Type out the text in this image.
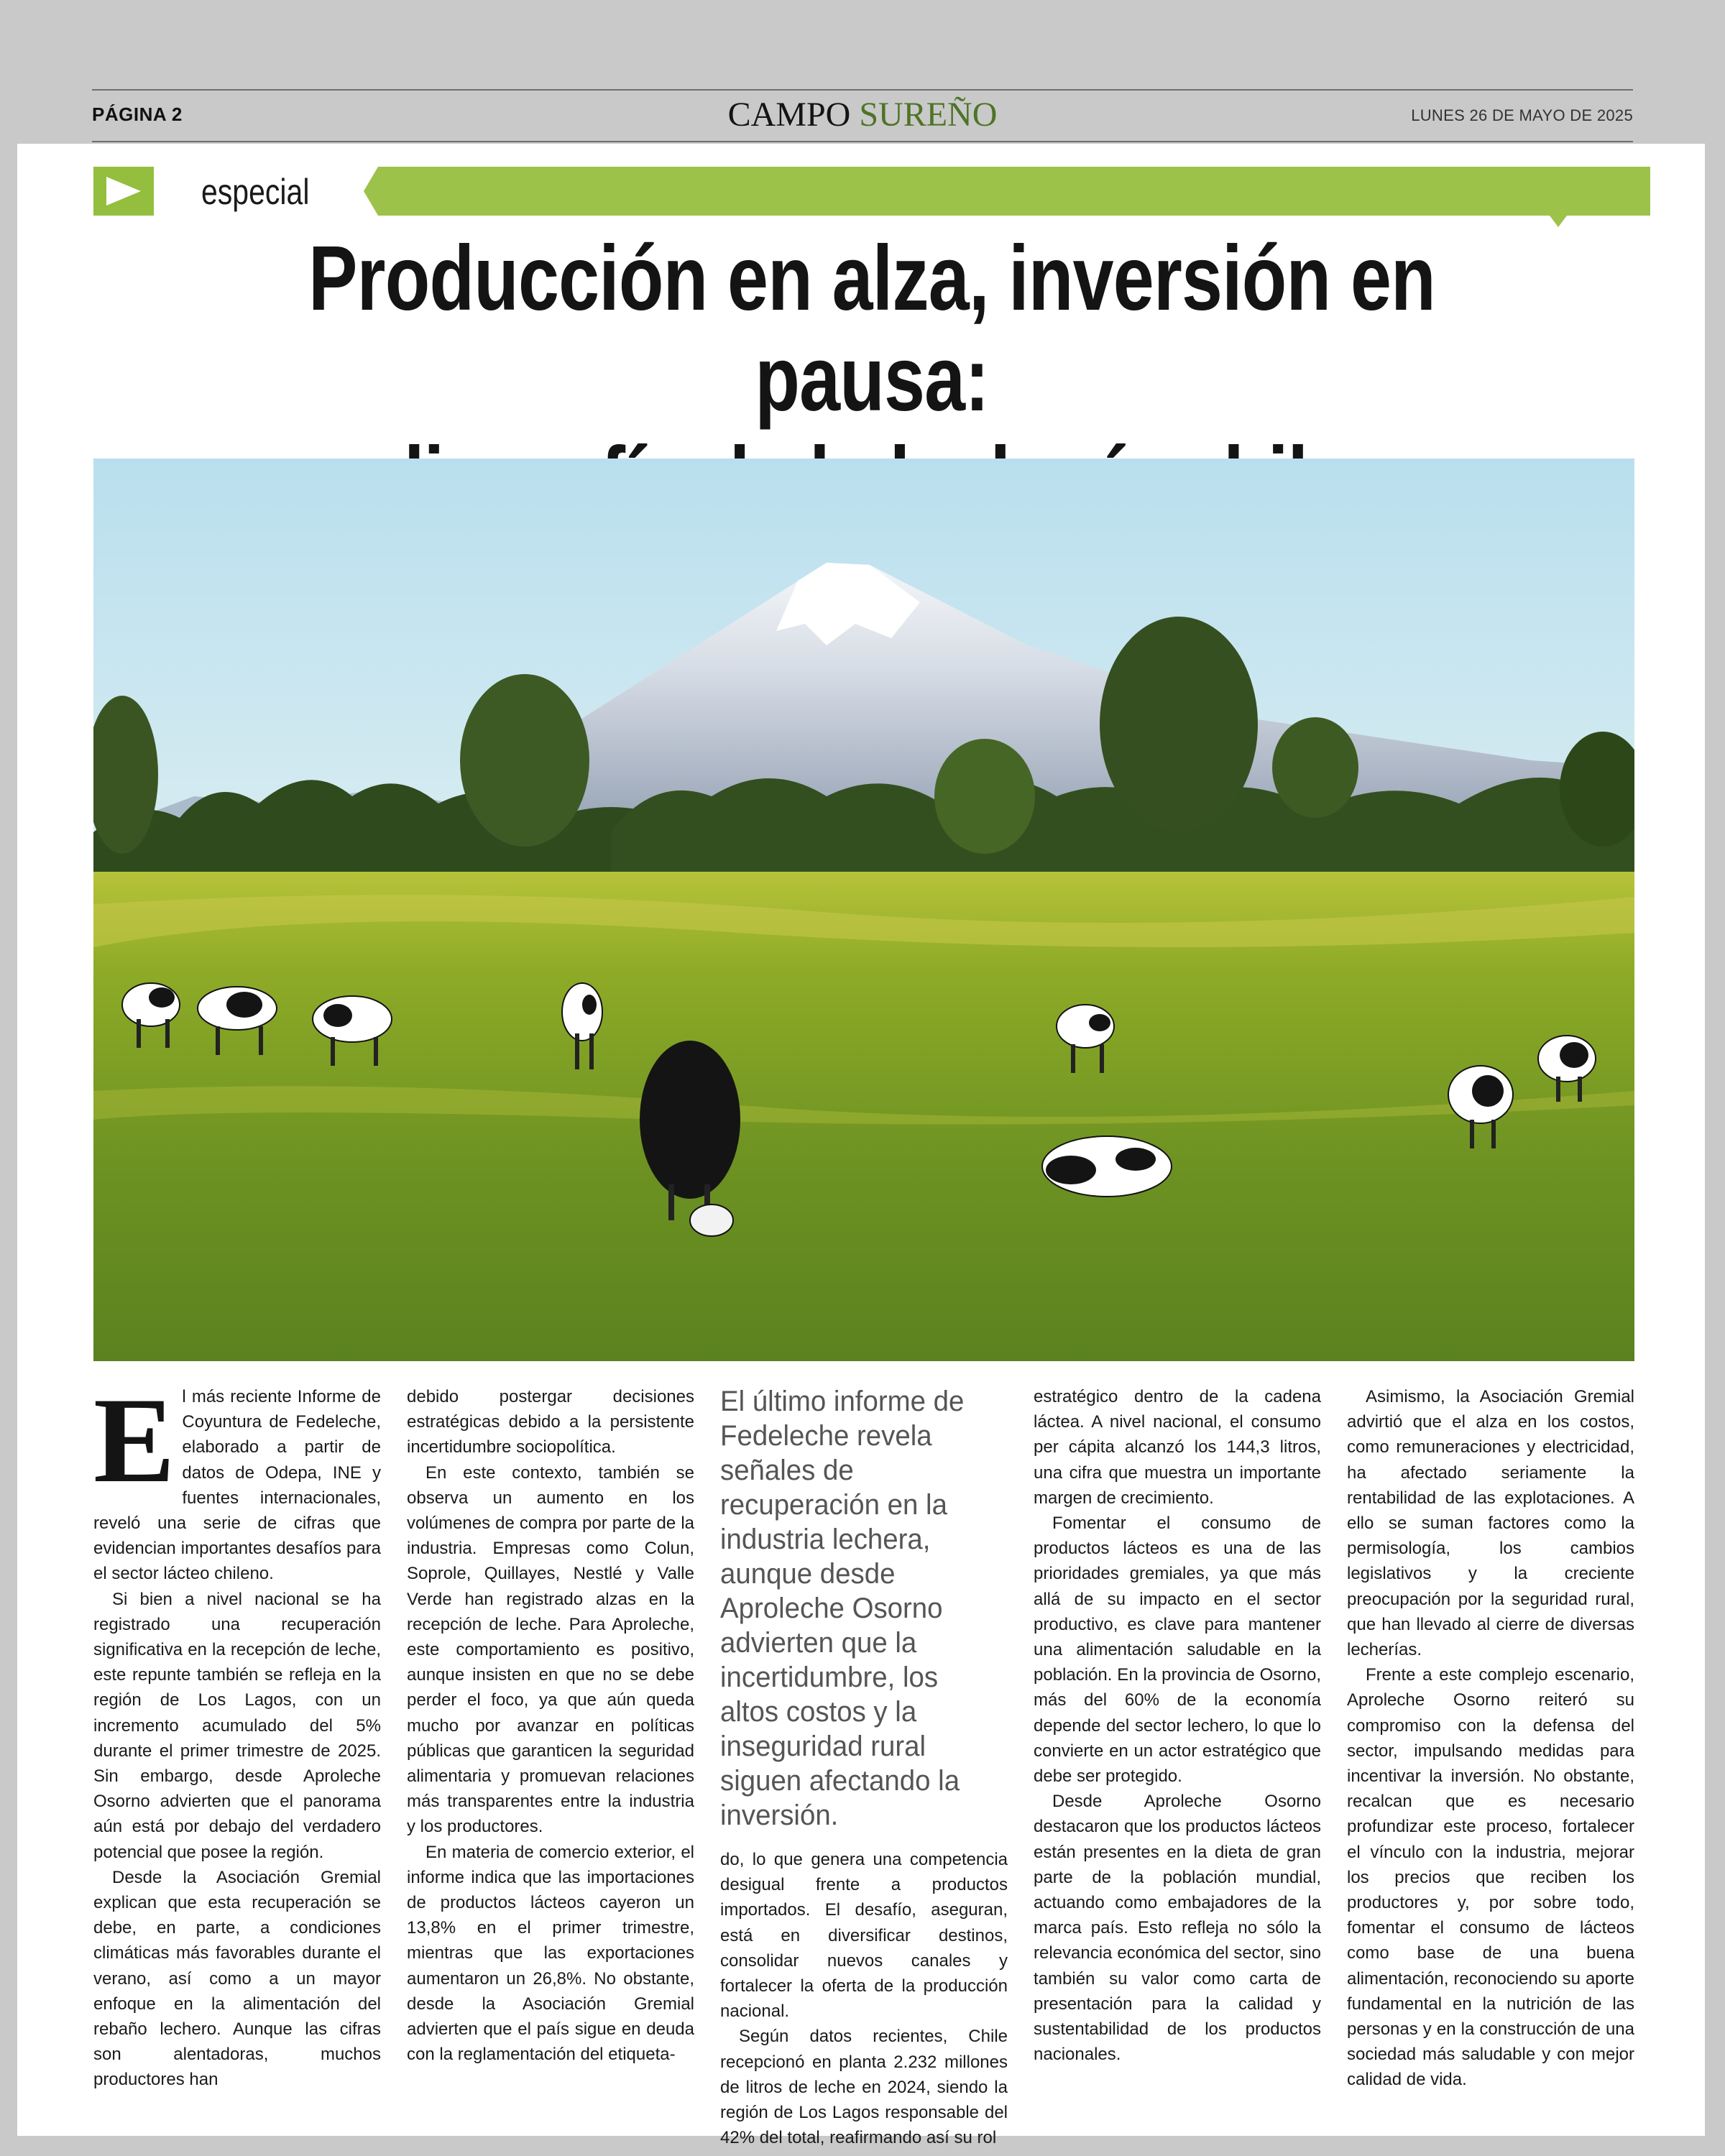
PÁGINA 2	CAMPO SUREÑO	LUNES 26 DE MAYO DE 2025
especial
Producción en alza, inversión en pausa:
E l más reciente Informe de Coyuntura de Fedeleche, elaborado a partir de datos de Odepa, INE y fuentes internacionales, reveló una serie de cifras que evidencian importantes desafíos para el sector lácteo chileno.

Si bien a nivel nacional se ha registrado una recuperación significativa en la recepción de leche, este repunte también se refleja en la región de Los Lagos, con un incremento acumulado del 5% durante el primer trimestre de 2025. Sin embargo, desde Aproleche Osorno advierten que el panorama aún está por debajo del verdadero potencial que posee la región.

Desde la Asociación Gremial explican que esta recuperación se debe, en parte, a condiciones climáticas más favorables durante el verano, así como a un mayor enfoque en la alimentación del rebaño lechero. Aunque las cifras son alentadoras, muchos productores han

debido postergar decisiones estratégicas debido a la persistente incertidumbre sociopolítica.

En este contexto, también se observa un aumento en los volúmenes de compra por parte de la industria. Empresas como Colun, Soprole, Quillayes, Nestlé y Valle Verde han registrado alzas en la recepción de leche. Para Aproleche, este comportamiento es positivo, aunque insisten en que no se debe perder el foco, ya que aún queda mucho por avanzar en políticas públicas que garanticen la seguridad alimentaria y promuevan relaciones más transparentes entre la industria y los productores.

En materia de comercio exterior, el informe indica que las importaciones de productos lácteos cayeron un 13,8% en el primer trimestre, mientras que las exportaciones aumentaron un 26,8%. No obstante, desde la Asociación Gremial advierten que el país sigue en deuda con la reglamentación del etiqueta-

El último informe de Fedeleche revela señales de recuperación en la industria lechera, aunque desde Aproleche Osorno advierten que la incertidumbre, los altos costos y la inseguridad rural siguen afectando la inversión.

do, lo que genera una competencia desigual frente a productos importados. El desafío, aseguran, está en diversificar destinos, consolidar nuevos canales y fortalecer la oferta de la producción nacional.

Según datos recientes, Chile recepcionó en planta 2.232 millones de litros de leche en 2024, siendo la región de Los Lagos responsable del 42% del total, reafirmando así su rol

estratégico dentro de la cadena láctea. A nivel nacional, el consumo per cápita alcanzó los 144,3 litros, una cifra que muestra un importante margen de crecimiento.

Fomentar el consumo de productos lácteos es una de las prioridades gremiales, ya que más allá de su impacto en el sector productivo, es clave para mantener una alimentación saludable en la población. En la provincia de Osorno, más del 60% de la economía depende del sector lechero, lo que lo convierte en un actor estratégico que debe ser protegido.

Desde Aproleche Osorno destacaron que los productos lácteos están presentes en la dieta de gran parte de la población mundial, actuando como embajadores de la marca país. Esto refleja no sólo la relevancia económica del sector, sino también su valor como carta de presentación para la calidad y sustentabilidad de los productos nacionales.

Asimismo, la Asociación Gremial advirtió que el alza en los costos, como remuneraciones y electricidad, ha afectado seriamente la rentabilidad de las explotaciones. A ello se suman factores como la permisología, los cambios legislativos y la creciente preocupación por la seguridad rural, que han llevado al cierre de diversas lecherías.

Frente a este complejo escenario, Aproleche Osorno reiteró su compromiso con la defensa del sector, impulsando medidas para incentivar la inversión. No obstante, recalcan que es necesario profundizar este proceso, fortalecer el vínculo con la industria, mejorar los precios que reciben los productores y, por sobre todo, fomentar el consumo de lácteos como base de una buena alimentación, reconociendo su aporte fundamental en la nutrición de las personas y en la construcción de una sociedad más saludable y con mejor calidad de vida.
